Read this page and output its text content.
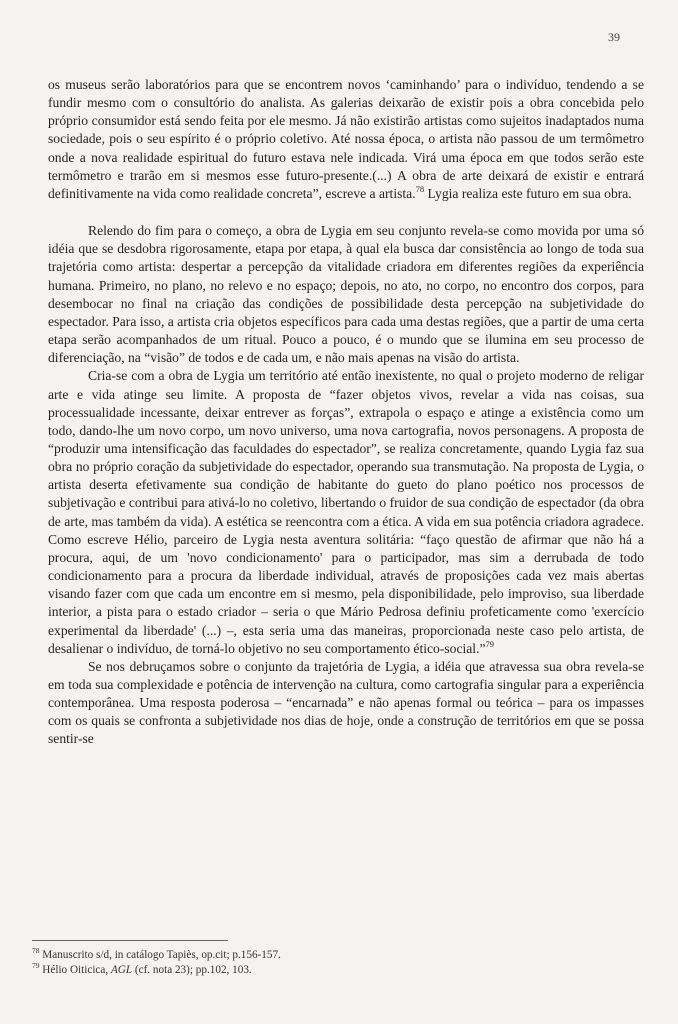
39

os museus serão laboratórios para que se encontrem novos ‘caminhando’ para o indivíduo, tendendo a se fundir mesmo com o consultório do analista. As galerias deixarão de existir pois a obra concebida pelo próprio consumidor está sendo feita por ele mesmo. Já não existirão artistas como sujeitos inadaptados numa sociedade, pois o seu espírito é o próprio coletivo. Até nossa época, o artista não passou de um termômetro onde a nova realidade espiritual do futuro estava nele indicada. Virá uma época em que todos serão este termômetro e trarão em si mesmos esse futuro-presente.(...) A obra de arte deixará de existir e entrará definitivamente na vida como realidade concreta”, escreve a artista.$^{78}$ Lygia realiza este futuro em sua obra.

Relendo do fim para o começo, a obra de Lygia em seu conjunto revela-se como movida por uma só idéia que se desdobra rigorosamente, etapa por etapa, à qual ela busca dar consistência ao longo de toda sua trajetória como artista: despertar a percepção da vitalidade criadora em diferentes regiões da experiência humana. Primeiro, no plano, no relevo e no espaço; depois, no ato, no corpo, no encontro dos corpos, para desembocar no final na criação das condições de possibilidade desta percepção na subjetividade do espectador. Para isso, a artista cria objetos específicos para cada uma destas regiões, que a partir de uma certa etapa serão acompanhados de um ritual. Pouco a pouco, é o mundo que se ilumina em seu processo de diferenciação, na “visão” de todos e de cada um, e não mais apenas na visão do artista.

Cria-se com a obra de Lygia um território até então inexistente, no qual o projeto moderno de religar arte e vida atinge seu limite. A proposta de “fazer objetos vivos, revelar a vida nas coisas, sua processualidade incessante, deixar entrever as forças”, extrapola o espaço e atinge a existência como um todo, dando-lhe um novo corpo, um novo universo, uma nova cartografia, novos personagens. A proposta de “produzir uma intensificação das faculdades do espectador”, se realiza concretamente, quando Lygia faz sua obra no próprio coração da subjetividade do espectador, operando sua transmutação. Na proposta de Lygia, o artista deserta efetivamente sua condição de habitante do gueto do plano poético nos processos de subjetivação e contribui para ativá-lo no coletivo, libertando o fruidor de sua condição de espectador (da obra de arte, mas também da vida). A estética se reencontra com a ética. A vida em sua potência criadora agradece. Como escreve Hélio, parceiro de Lygia nesta aventura solitária: “faço questão de afirmar que não há a procura, aqui, de um 'novo condicionamento' para o participador, mas sim a derrubada de todo condicionamento para a procura da liberdade individual, através de proposições cada vez mais abertas visando fazer com que cada um encontre em si mesmo, pela disponibilidade, pelo improviso, sua liberdade interior, a pista para o estado criador – seria o que Mário Pedrosa definiu profeticamente como 'exercício experimental da liberdade' (...) –, esta seria uma das maneiras, proporcionada neste caso pelo artista, de desalienar o indivíduo, de torná-lo objetivo no seu comportamento ético-social.”$^{79}$

Se nos debruçamos sobre o conjunto da trajetória de Lygia, a idéia que atravessa sua obra revela-se em toda sua complexidade e potência de intervenção na cultura, como cartografia singular para a experiência contemporânea. Uma resposta poderosa – “encarnada” e não apenas formal ou teórica – para os impasses com os quais se confronta a subjetividade nos dias de hoje, onde a construção de territórios em que se possa sentir-se

$^{78}$ Manuscrito s/d, in catálogo Tapiès, op.cit; p.156-157.
$^{79}$ Hélio Oiticica, AGL (cf. nota 23); pp.102, 103.
